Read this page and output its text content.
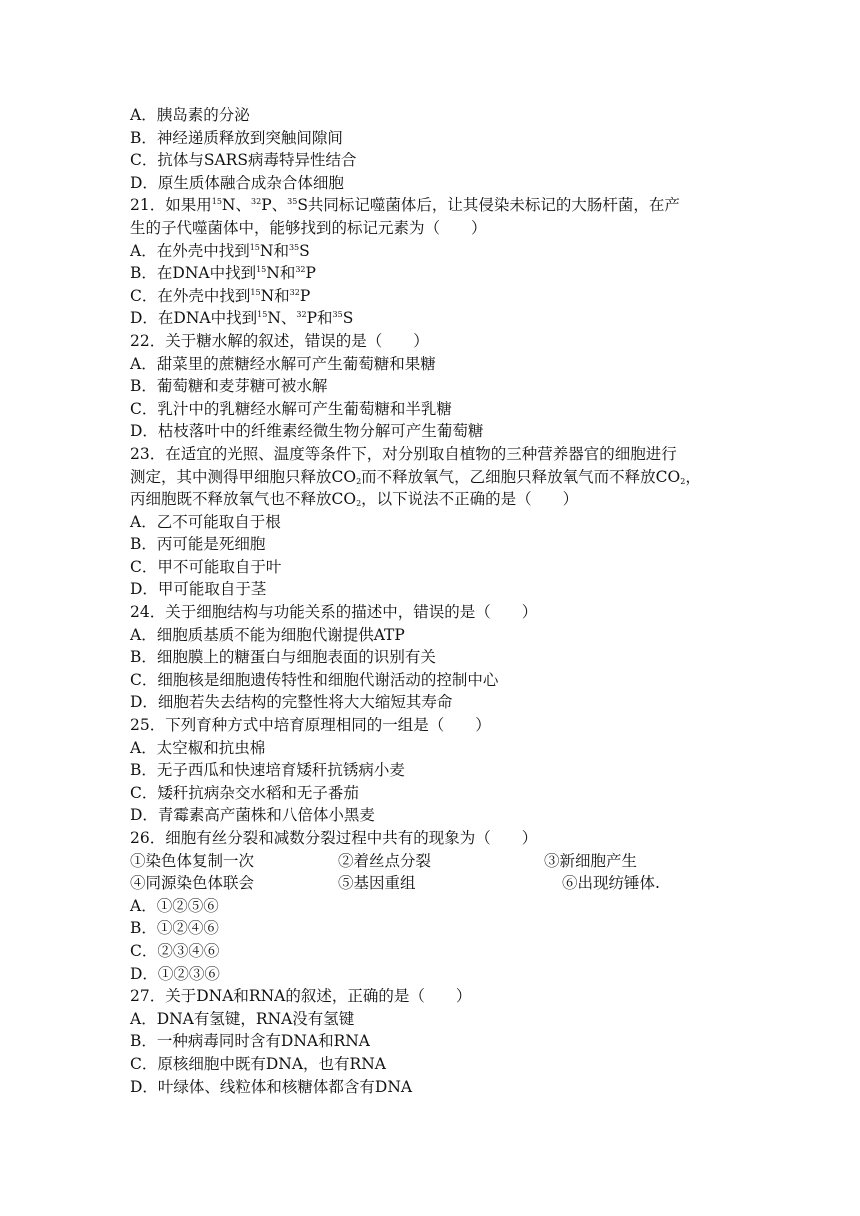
A．胰岛素的分泌
B．神经递质释放到突触间隙间
C．抗体与SARS病毒特异性结合
D．原生质体融合成杂合体细胞
21．如果用$^{15}$N、$^{32}$P、$^{35}$S共同标记噬菌体后，让其侵染未标记的大肠杆菌，在产
生的子代噬菌体中，能够找到的标记元素为（　　）
A．在外壳中找到$^{15}$N和$^{35}$S
B．在DNA中找到$^{15}$N和$^{32}$P
C．在外壳中找到$^{15}$N和$^{32}$P
D．在DNA中找到$^{15}$N、$^{32}$P和$^{35}$S
22．关于糖水解的叙述，错误的是（　　）
A．甜菜里的蔗糖经水解可产生葡萄糖和果糖
B．葡萄糖和麦芽糖可被水解
C．乳汁中的乳糖经水解可产生葡萄糖和半乳糖
D．枯枝落叶中的纤维素经微生物分解可产生葡萄糖
23．在适宜的光照、温度等条件下，对分别取自植物的三种营养器官的细胞进行
测定，其中测得甲细胞只释放$CO_2$而不释放氧气，乙细胞只释放氧气而不释放$CO_2$，
丙细胞既不释放氧气也不释放$CO_2$，以下说法不正确的是（　　）
A．乙不可能取自于根
B．丙可能是死细胞
C．甲不可能取自于叶
D．甲可能取自于茎
24．关于细胞结构与功能关系的描述中，错误的是（　　）
A．细胞质基质不能为细胞代谢提供ATP
B．细胞膜上的糖蛋白与细胞表面的识别有关
C．细胞核是细胞遗传特性和细胞代谢活动的控制中心
D．细胞若失去结构的完整性将大大缩短其寿命
25．下列育种方式中培育原理相同的一组是（　　）
A．太空椒和抗虫棉
B．无子西瓜和快速培育矮秆抗锈病小麦
C．矮秆抗病杂交水稻和无子番茄
D．青霉素高产菌株和八倍体小黑麦
26．细胞有丝分裂和减数分裂过程中共有的现象为（　　）
①染色体复制一次	②着丝点分裂	③新细胞产生
④同源染色体联会	⑤基因重组	⑥出现纺锤体.
A．①②⑤⑥
B．①②④⑥
C．②③④⑥
D．①②③⑥
27．关于DNA和RNA的叙述，正确的是（　　）
A．DNA有氢键，RNA没有氢键
B．一种病毒同时含有DNA和RNA
C．原核细胞中既有DNA，也有RNA
D．叶绿体、线粒体和核糖体都含有DNA
